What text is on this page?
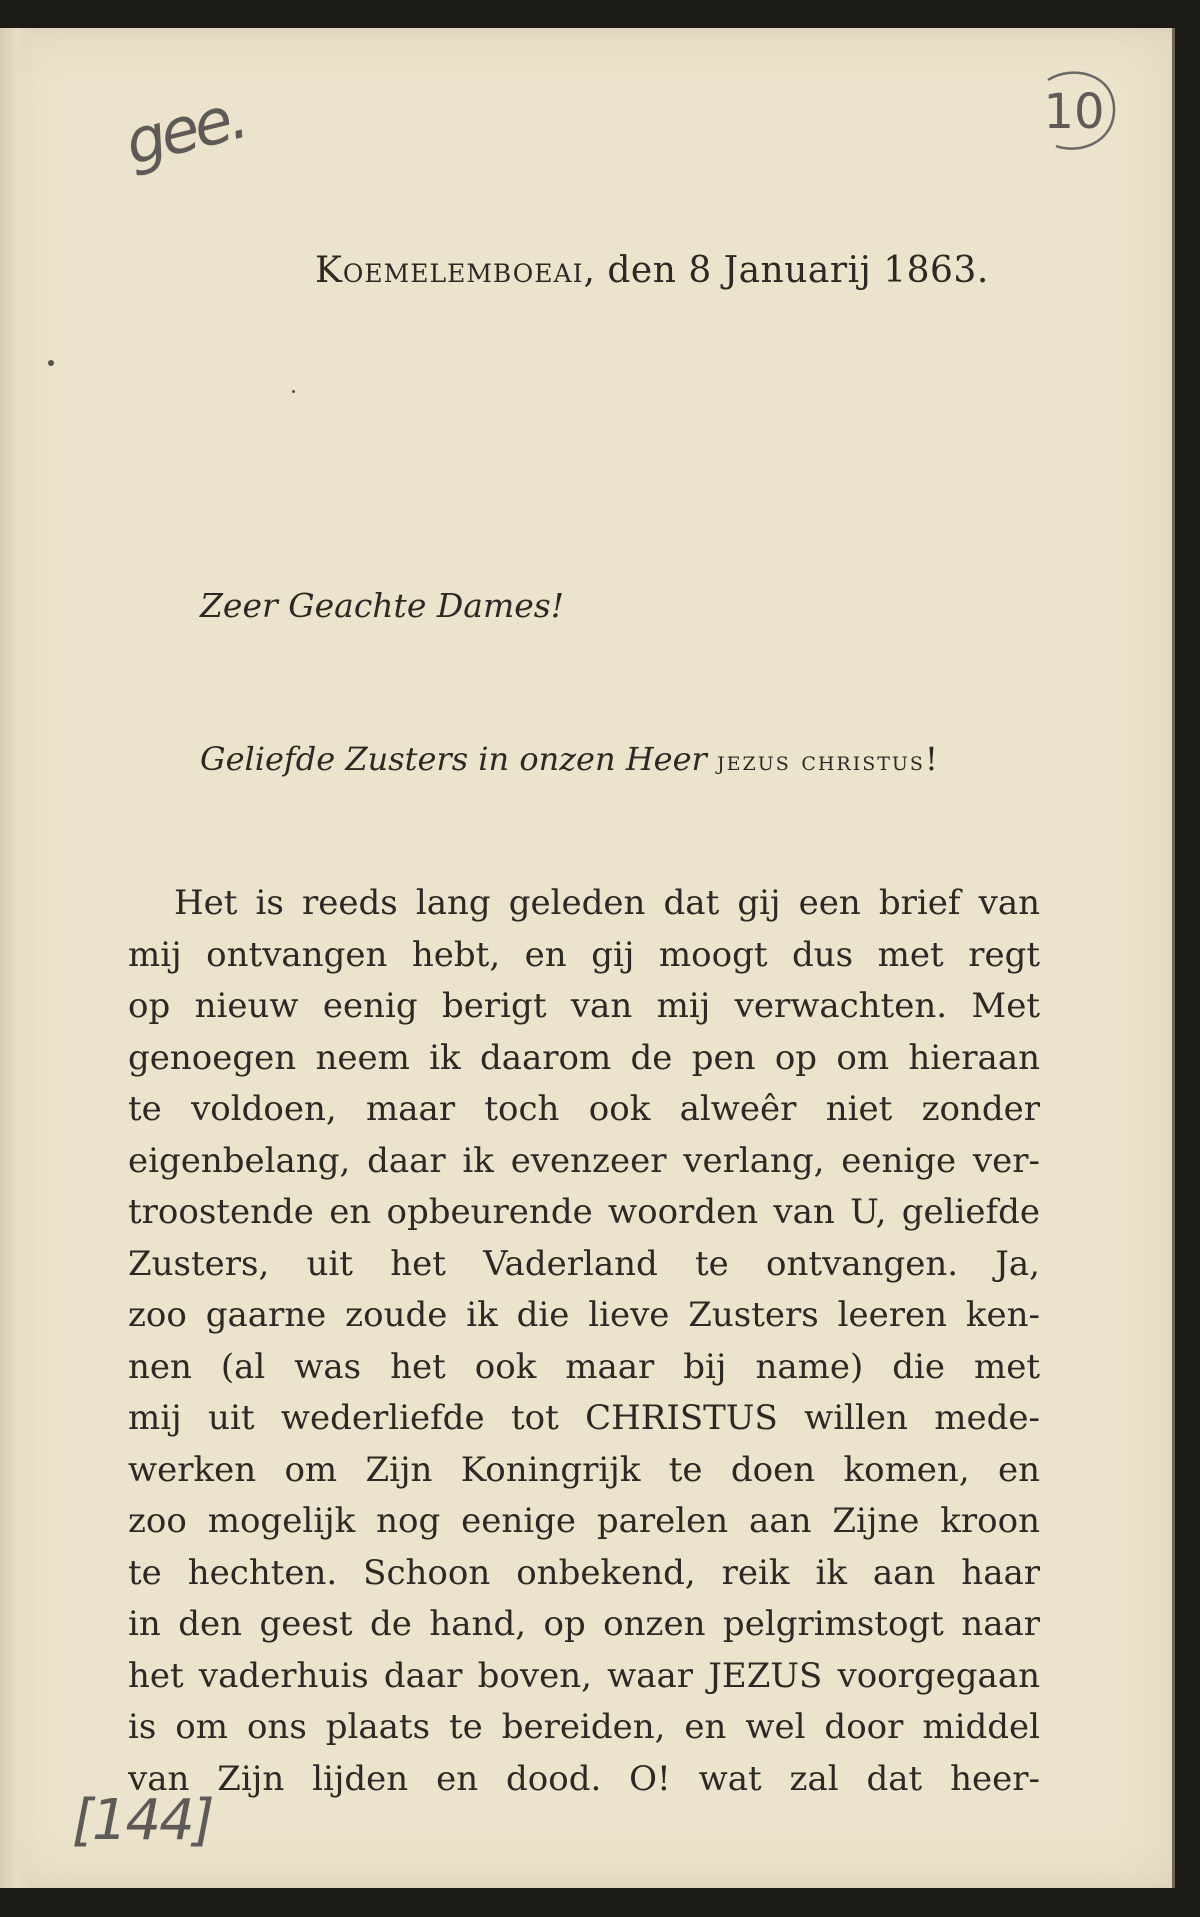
gee.	10
Koemelemboeai, den 8 Januarij 1863.
Zeer Geachte Dames!
Geliefde Zusters in onzen Heer jezus christus!
Het is reeds lang geleden dat gij een brief van
mij ontvangen hebt, en gij moogt dus met regt
op nieuw eenig berigt van mij verwachten. Met
genoegen neem ik daarom de pen op om hieraan
te voldoen, maar toch ook alweêr niet zonder
eigenbelang, daar ik evenzeer verlang, eenige ver-
troostende en opbeurende woorden van U, geliefde
Zusters, uit het Vaderland te ontvangen. Ja,
zoo gaarne zoude ik die lieve Zusters leeren ken-
nen (al was het ook maar bij name) die met
mij uit wederliefde tot CHRISTUS willen mede-
werken om Zijn Koningrijk te doen komen, en
zoo mogelijk nog eenige parelen aan Zijne kroon
te hechten. Schoon onbekend, reik ik aan haar
in den geest de hand, op onzen pelgrimstogt naar
het vaderhuis daar boven, waar JEZUS voorgegaan
is om ons plaats te bereiden, en wel door middel
van Zijn lijden en dood. O! wat zal dat heer-
[144]
